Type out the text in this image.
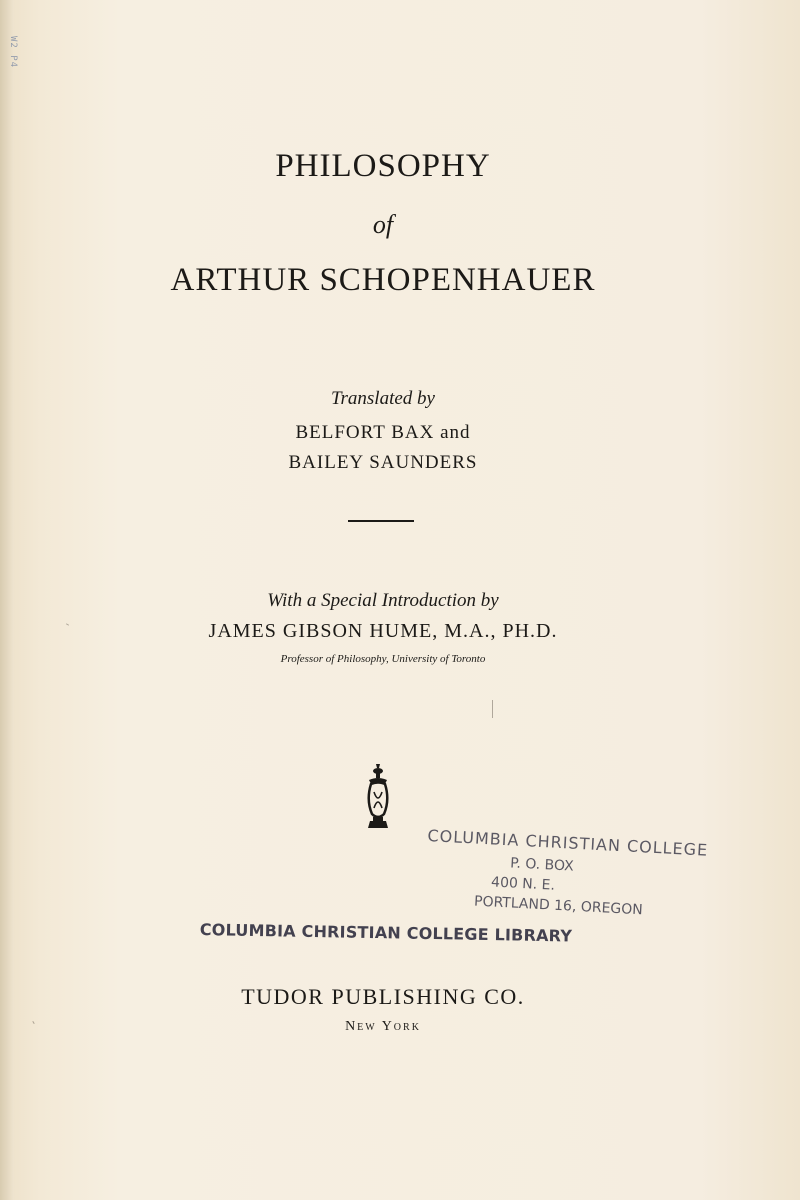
W2 P4
PHILOSOPHY
of
ARTHUR SCHOPENHAUER
Translated by
BELFORT BAX and
BAILEY SAUNDERS
With a Special Introduction by
JAMES GIBSON HUME, M.A., PH.D.
Professor of Philosophy, University of Toronto
COLUMBIA CHRISTIAN COLLEGE
P. O. BOX
400 N. E.
PORTLAND 16, OREGON
COLUMBIA CHRISTIAN COLLEGE LIBRARY
TUDOR PUBLISHING CO.
New York
